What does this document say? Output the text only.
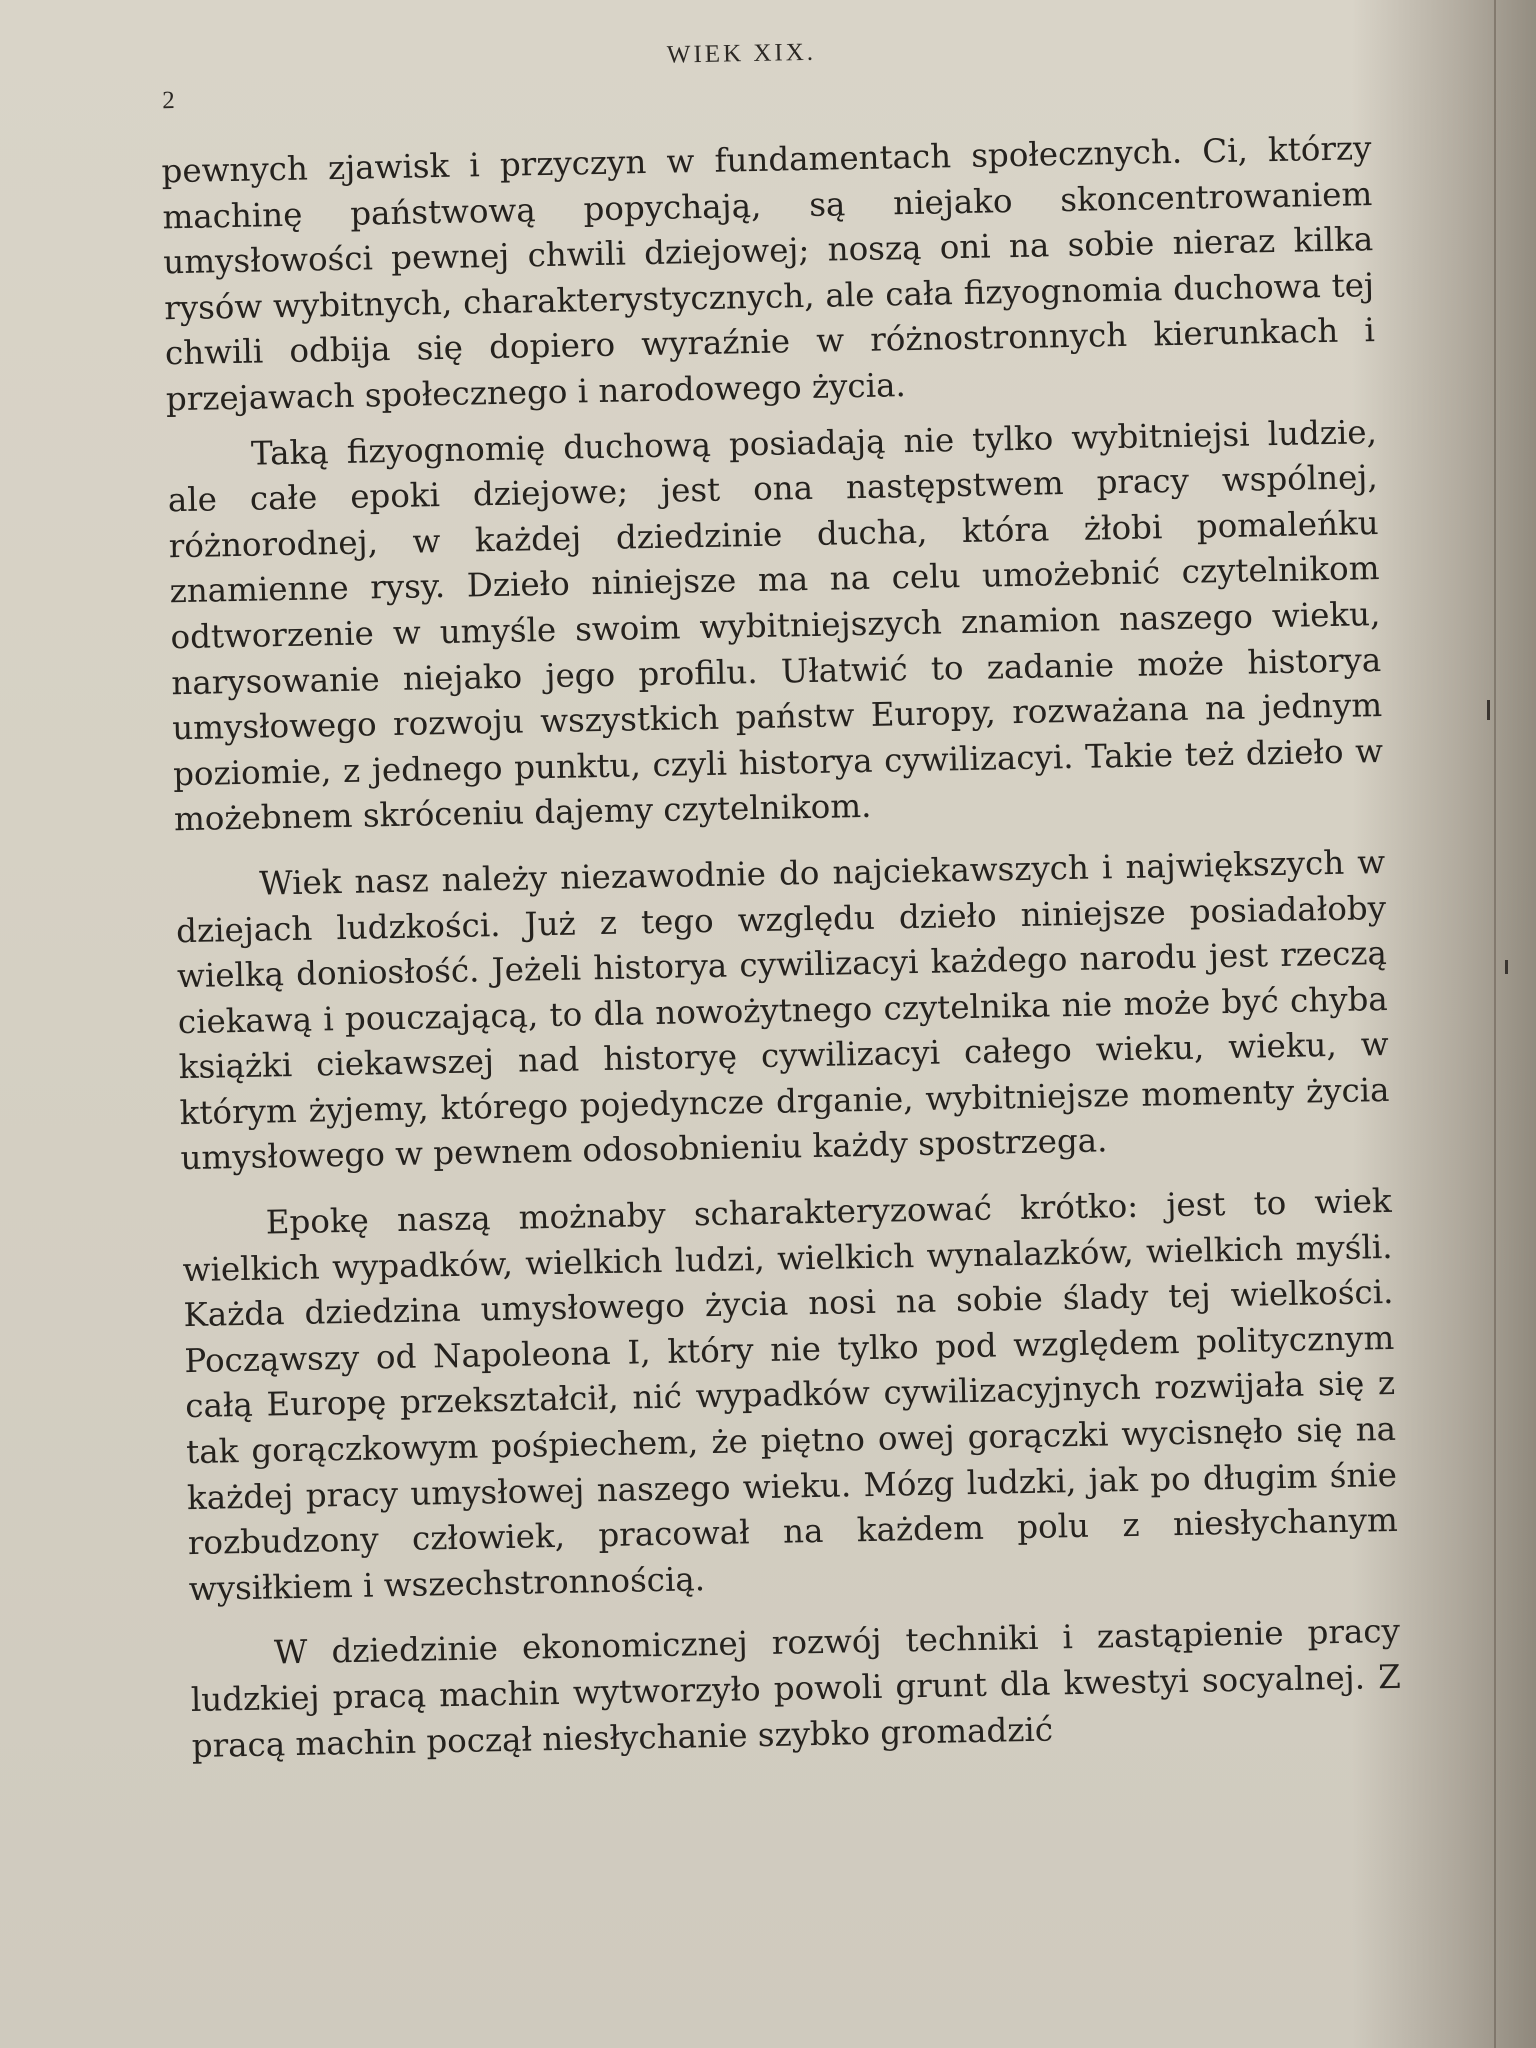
WIEK XIX.
2

pewnych zjawisk i przyczyn w fundamentach społecznych. Ci, którzy machinę państwową popychają, są niejako skoncentrowaniem umysłowości pewnej chwili dziejowej; noszą oni na sobie nieraz kilka rysów wybitnych, charakterystycznych, ale cała fizyognomia duchowa tej chwili odbija się dopiero wyraźnie w różnostronnych kierunkach i przejawach społecznego i narodowego życia.

Taką fizyognomię duchową posiadają nie tylko wybitniejsi ludzie, ale całe epoki dziejowe; jest ona następstwem pracy wspólnej, różnorodnej, w każdej dziedzinie ducha, która żłobi pomaleńku znamienne rysy. Dzieło niniejsze ma na celu umożebnić czytelnikom odtworzenie w umyśle swoim wybitniejszych znamion naszego wieku, narysowanie niejako jego profilu. Ułatwić to zadanie może historya umysłowego rozwoju wszystkich państw Europy, rozważana na jednym poziomie, z jednego punktu, czyli historya cywilizacyi. Takie też dzieło w możebnem skróceniu dajemy czytelnikom.

Wiek nasz należy niezawodnie do najciekawszych i największych w dziejach ludzkości. Już z tego względu dzieło niniejsze posiadałoby wielką doniosłość. Jeżeli historya cywilizacyi każdego narodu jest rzeczą ciekawą i pouczającą, to dla nowożytnego czytelnika nie może być chyba książki ciekawszej nad historyę cywilizacyi całego wieku, wieku, w którym żyjemy, którego pojedyncze drganie, wybitniejsze momenty życia umysłowego w pewnem odosobnieniu każdy spostrzega.

Epokę naszą możnaby scharakteryzować krótko: jest to wiek wielkich wypadków, wielkich ludzi, wielkich wynalazków, wielkich myśli. Każda dziedzina umysłowego życia nosi na sobie ślady tej wielkości. Począwszy od Napoleona I, który nie tylko pod względem politycznym całą Europę przekształcił, nić wypadków cywilizacyjnych rozwijała się z tak gorączkowym pośpiechem, że piętno owej gorączki wycisnęło się na każdej pracy umysłowej naszego wieku. Mózg ludzki, jak po długim śnie rozbudzony człowiek, pracował na każdem polu z niesłychanym wysiłkiem i wszechstronnością.

W dziedzinie ekonomicznej rozwój techniki i zastąpienie pracy ludzkiej pracą machin wytworzyło powoli grunt dla kwestyi socyalnej. Z pracą machin począł niesłychanie szybko gromadzić
